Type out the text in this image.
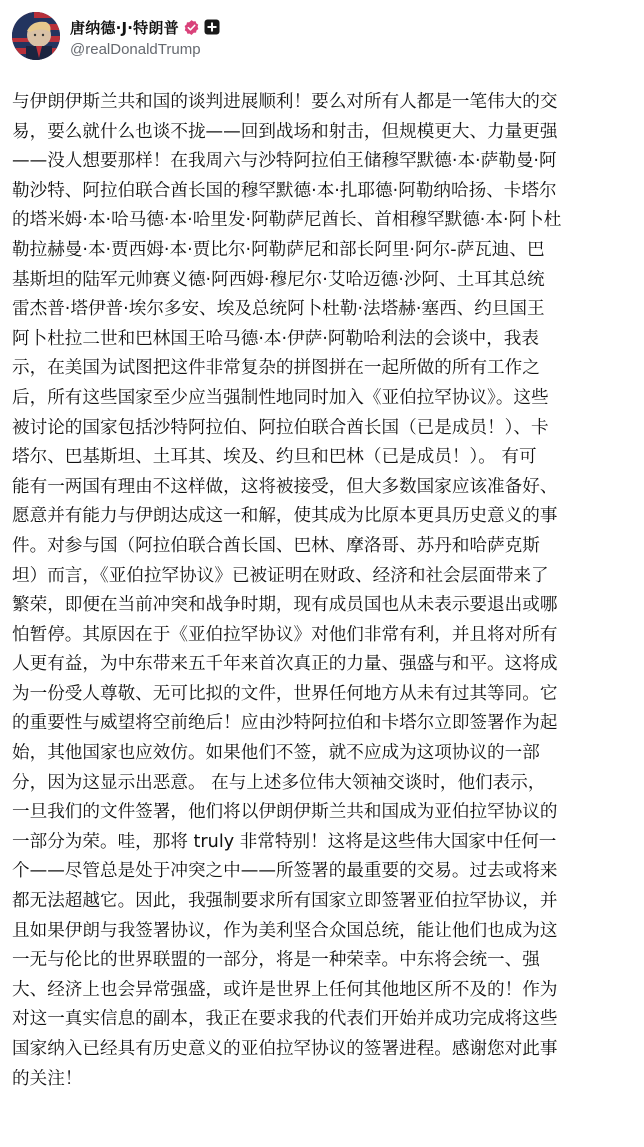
唐纳德·J·特朗普
@realDonaldTrump
与伊朗伊斯兰共和国的谈判进展顺利！要么对所有人都是一笔伟大的交
易，要么就什么也谈不拢——回到战场和射击，但规模更大、力量更强
——没人想要那样！在我周六与沙特阿拉伯王储穆罕默德·本·萨勒曼·阿
勒沙特、阿拉伯联合酋长国的穆罕默德·本·扎耶德·阿勒纳哈扬、卡塔尔
的塔米姆·本·哈马德·本·哈里发·阿勒萨尼酋长、首相穆罕默德·本·阿卜杜
勒拉赫曼·本·贾西姆·本·贾比尔·阿勒萨尼和部长阿里·阿尔-萨瓦迪、巴
基斯坦的陆军元帅赛义德·阿西姆·穆尼尔·艾哈迈德·沙阿、土耳其总统
雷杰普·塔伊普·埃尔多安、埃及总统阿卜杜勒·法塔赫·塞西、约旦国王
阿卜杜拉二世和巴林国王哈马德·本·伊萨·阿勒哈利法的会谈中，我表
示，在美国为试图把这件非常复杂的拼图拼在一起所做的所有工作之
后，所有这些国家至少应当强制性地同时加入《亚伯拉罕协议》。这些
被讨论的国家包括沙特阿拉伯、阿拉伯联合酋长国（已是成员！）、卡
塔尔、巴基斯坦、土耳其、埃及、约旦和巴林（已是成员！）。 有可
能有一两国有理由不这样做，这将被接受，但大多数国家应该准备好、
愿意并有能力与伊朗达成这一和解，使其成为比原本更具历史意义的事
件。对参与国（阿拉伯联合酋长国、巴林、摩洛哥、苏丹和哈萨克斯
坦）而言，《亚伯拉罕协议》已被证明在财政、经济和社会层面带来了
繁荣，即便在当前冲突和战争时期，现有成员国也从未表示要退出或哪
怕暂停。其原因在于《亚伯拉罕协议》对他们非常有利，并且将对所有
人更有益，为中东带来五千年来首次真正的力量、强盛与和平。这将成
为一份受人尊敬、无可比拟的文件，世界任何地方从未有过其等同。它
的重要性与威望将空前绝后！应由沙特阿拉伯和卡塔尔立即签署作为起
始，其他国家也应效仿。如果他们不签，就不应成为这项协议的一部
分，因为这显示出恶意。 在与上述多位伟大领袖交谈时，他们表示，
一旦我们的文件签署，他们将以伊朗伊斯兰共和国成为亚伯拉罕协议的
一部分为荣。哇，那将 truly 非常特别！这将是这些伟大国家中任何一
个——尽管总是处于冲突之中——所签署的最重要的交易。过去或将来
都无法超越它。因此，我强制要求所有国家立即签署亚伯拉罕协议，并
且如果伊朗与我签署协议，作为美利坚合众国总统，能让他们也成为这
一无与伦比的世界联盟的一部分，将是一种荣幸。中东将会统一、强
大、经济上也会异常强盛，或许是世界上任何其他地区所不及的！作为
对这一真实信息的副本，我正在要求我的代表们开始并成功完成将这些
国家纳入已经具有历史意义的亚伯拉罕协议的签署进程。感谢您对此事
的关注！
